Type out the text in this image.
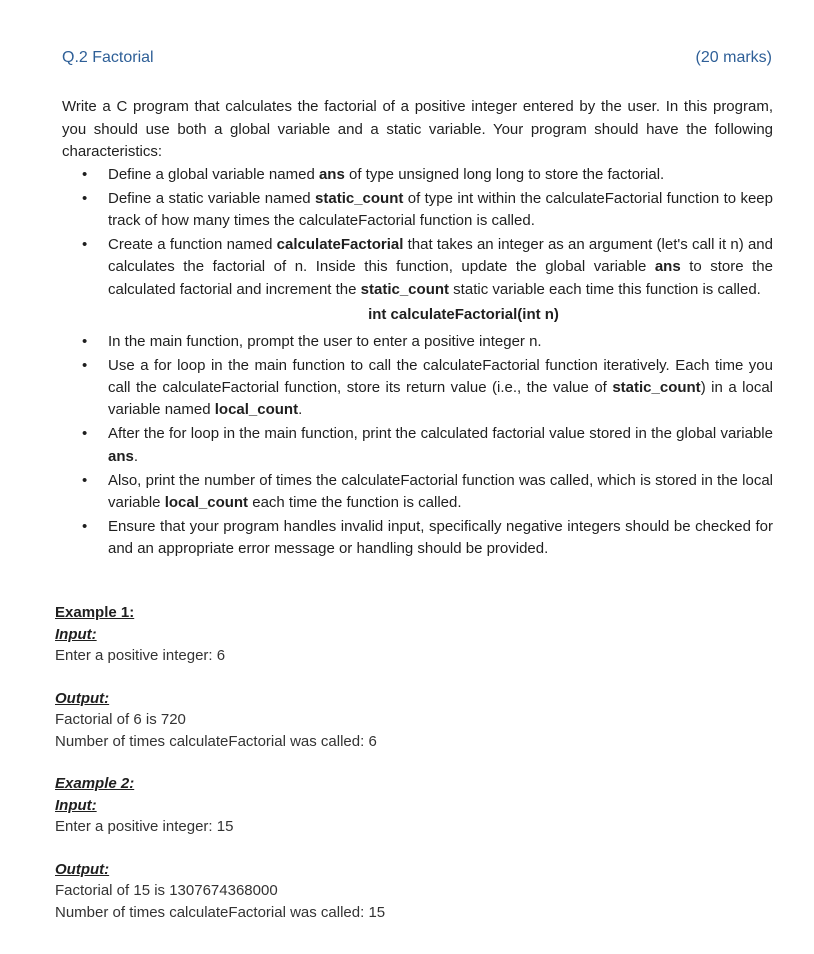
Q.2 Factorial	(20 marks)
Write a C program that calculates the factorial of a positive integer entered by the user. In this program, you should use both a global variable and a static variable. Your program should have the following characteristics:
•	Define a global variable named ans of type unsigned long long to store the factorial.
•	Define a static variable named static_count of type int within the calculateFactorial function to keep track of how many times the calculateFactorial function is called.
•	Create a function named calculateFactorial that takes an integer as an argument (let's call it n) and calculates the factorial of n. Inside this function, update the global variable ans to store the calculated factorial and increment the static_count static variable each time this function is called.
int calculateFactorial(int n)
•	In the main function, prompt the user to enter a positive integer n.
•	Use a for loop in the main function to call the calculateFactorial function iteratively. Each time you call the calculateFactorial function, store its return value (i.e., the value of static_count) in a local variable named local_count.
•	After the for loop in the main function, print the calculated factorial value stored in the global variable ans.
•	Also, print the number of times the calculateFactorial function was called, which is stored in the local variable local_count each time the function is called.
•	Ensure that your program handles invalid input, specifically negative integers should be checked for and an appropriate error message or handling should be provided.
Example 1:
Input:
Enter a positive integer: 6
Output:
Factorial of 6 is 720
Number of times calculateFactorial was called: 6
Example 2:
Input:
Enter a positive integer: 15
Output:
Factorial of 15 is 1307674368000
Number of times calculateFactorial was called: 15
